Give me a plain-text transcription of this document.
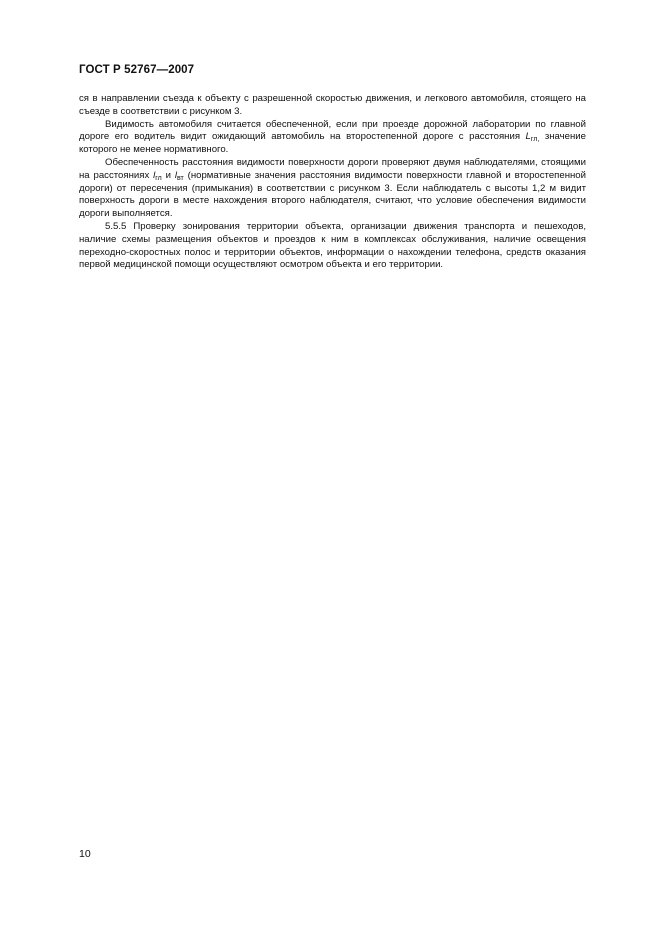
ГОСТ Р 52767—2007

ся в направлении съезда к объекту с разрешенной скоростью движения, и легкового автомобиля, стоящего на съезде в соответствии с рисунком 3.

Видимость автомобиля считается обеспеченной, если при проезде дорожной лаборатории по главной дороге его водитель видит ожидающий автомобиль на второстепенной дороге с расстояния $L_{гл,}$ значение которого не менее нормативного.

Обеспеченность расстояния видимости поверхности дороги проверяют двумя наблюдателями, стоящими на расстояниях $l_{гл}$ и $l_{вт}$ (нормативные значения расстояния видимости поверхности главной и второстепенной дороги) от пересечения (примыкания) в соответствии с рисунком 3. Если наблюдатель с высоты 1,2 м видит поверхность дороги в месте нахождения второго наблюдателя, считают, что условие обеспечения видимости дороги выполняется.

5.5.5 Проверку зонирования территории объекта, организации движения транспорта и пешеходов, наличие схемы размещения объектов и проездов к ним в комплексах обслуживания, наличие освещения переходно-скоростных полос и территории объектов, информации о нахождении телефона, средств оказания первой медицинской помощи осуществляют осмотром объекта и его территории.

10
